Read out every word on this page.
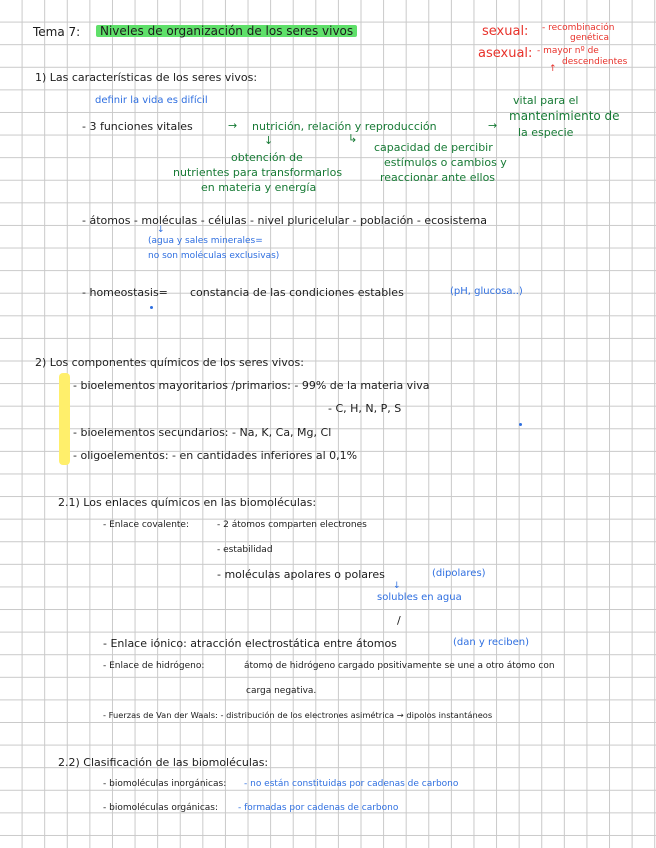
Tema 7:	Niveles de organización de los seres vivos	sexual: - recombinación
genética
asexual: - mayor nº de
↑
descendientes
1) Las características de los seres vivos:
definir la vida es difícil
- 3 funciones vitales	→ nutrición, relación y reproducción	→
vital para el
mantenimiento de
la especie
↓	↳
obtención de
nutrientes para transformarlos
en materia y energía
capacidad de percibir
estímulos o cambios y
reaccionar ante ellos
- átomos - moléculas - células - nivel pluricelular - población - ecosistema
↓
(agua y sales minerales=
no son moléculas exclusivas)
- homeostasis= constancia de las condiciones estables	(pH, glucosa..)
2) Los componentes químicos de los seres vivos:
- bioelementos mayoritarios /primarios: - 99% de la materia viva
- C, H, N, P, S
- bioelementos secundarios: - Na, K, Ca, Mg, Cl
- oligoelementos: - en cantidades inferiores al 0,1%
2.1) Los enlaces químicos en las biomoléculas:
- Enlace covalente:	- 2 átomos comparten electrones
- estabilidad
- moléculas apolares o polares	(dipolares)
↓
solubles en agua
/
- Enlace iónico: atracción electrostática entre átomos	(dan y reciben)
- Enlace de hidrógeno:	átomo de hidrógeno cargado positivamente se une a otro átomo con
carga negativa.
- Fuerzas de Van der Waals: - distribución de los electrones asimétrica → dipolos instantáneos
2.2) Clasificación de las biomoléculas:
- biomoléculas inorgánicas: - no están constituidas por cadenas de carbono
- biomoléculas orgánicas: - formadas por cadenas de carbono
